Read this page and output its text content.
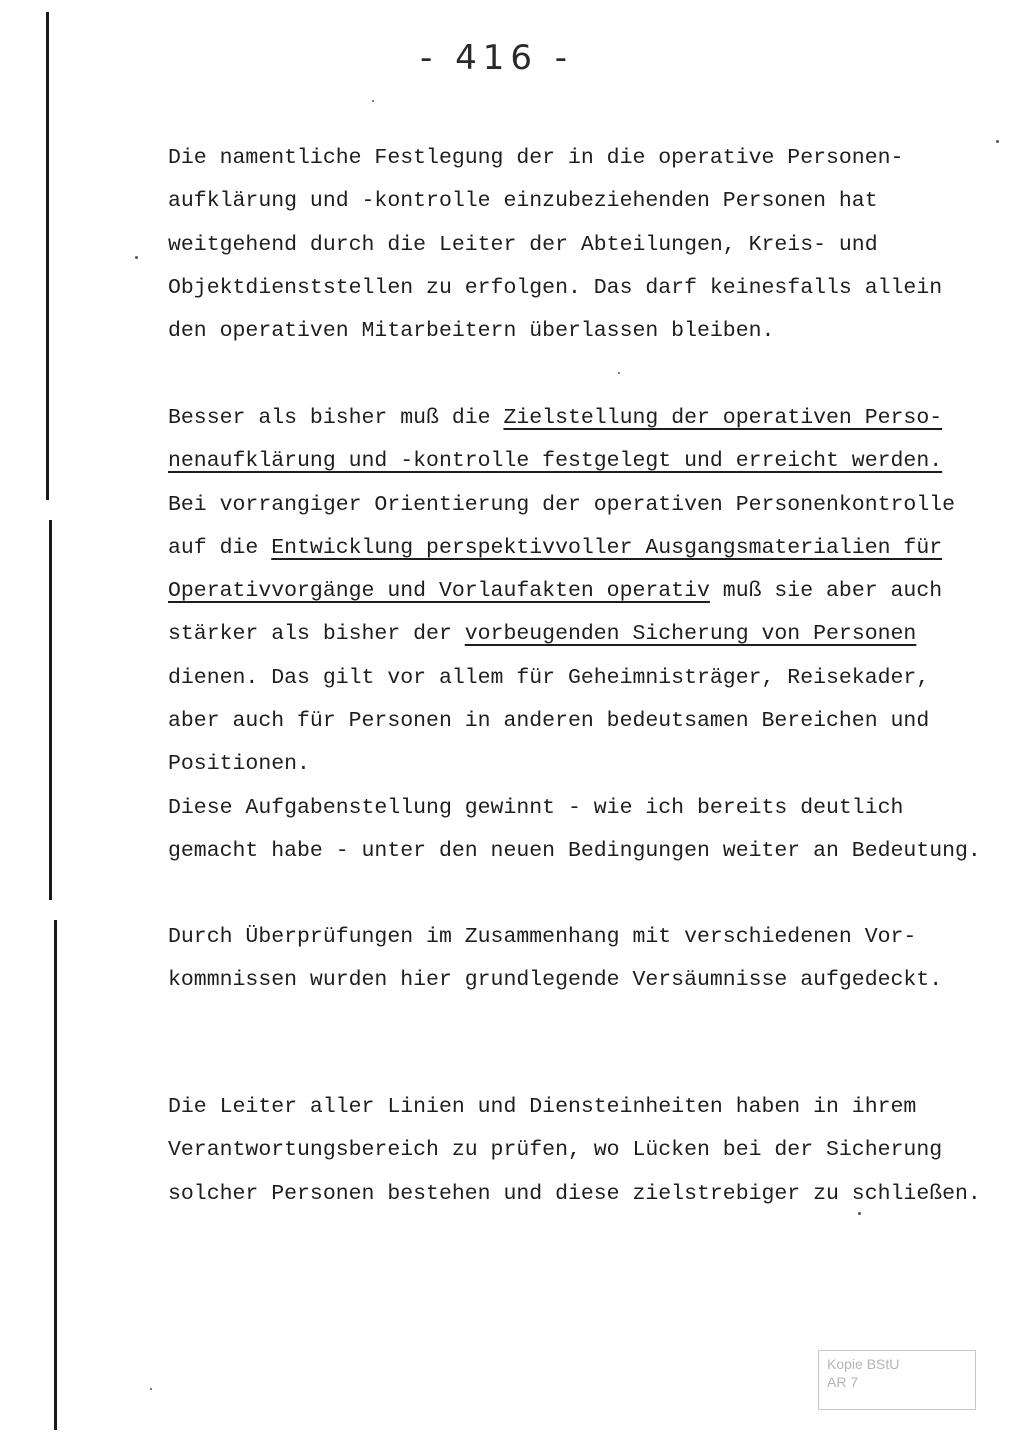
- 416 -
Die namentliche Festlegung der in die operative Personen-
aufklärung und -kontrolle einzubeziehenden Personen hat
weitgehend durch die Leiter der Abteilungen, Kreis- und
Objektdienststellen zu erfolgen. Das darf keinesfalls allein
den operativen Mitarbeitern überlassen bleiben.
Besser als bisher muß die Zielstellung der operativen Perso-
nenaufklärung und -kontrolle festgelegt und erreicht werden.
Bei vorrangiger Orientierung der operativen Personenkontrolle
auf die Entwicklung perspektivvoller Ausgangsmaterialien für
Operativvorgänge und Vorlaufakten operativ muß sie aber auch
stärker als bisher der vorbeugenden Sicherung von Personen
dienen. Das gilt vor allem für Geheimnisträger, Reisekader,
aber auch für Personen in anderen bedeutsamen Bereichen und
Positionen.
Diese Aufgabenstellung gewinnt - wie ich bereits deutlich
gemacht habe - unter den neuen Bedingungen weiter an Bedeutung.
Durch Überprüfungen im Zusammenhang mit verschiedenen Vor-
kommnissen wurden hier grundlegende Versäumnisse aufgedeckt.
Die Leiter aller Linien und Diensteinheiten haben in ihrem
Verantwortungsbereich zu prüfen, wo Lücken bei der Sicherung
solcher Personen bestehen und diese zielstrebiger zu schließen.
Kopie BStU
AR 7
